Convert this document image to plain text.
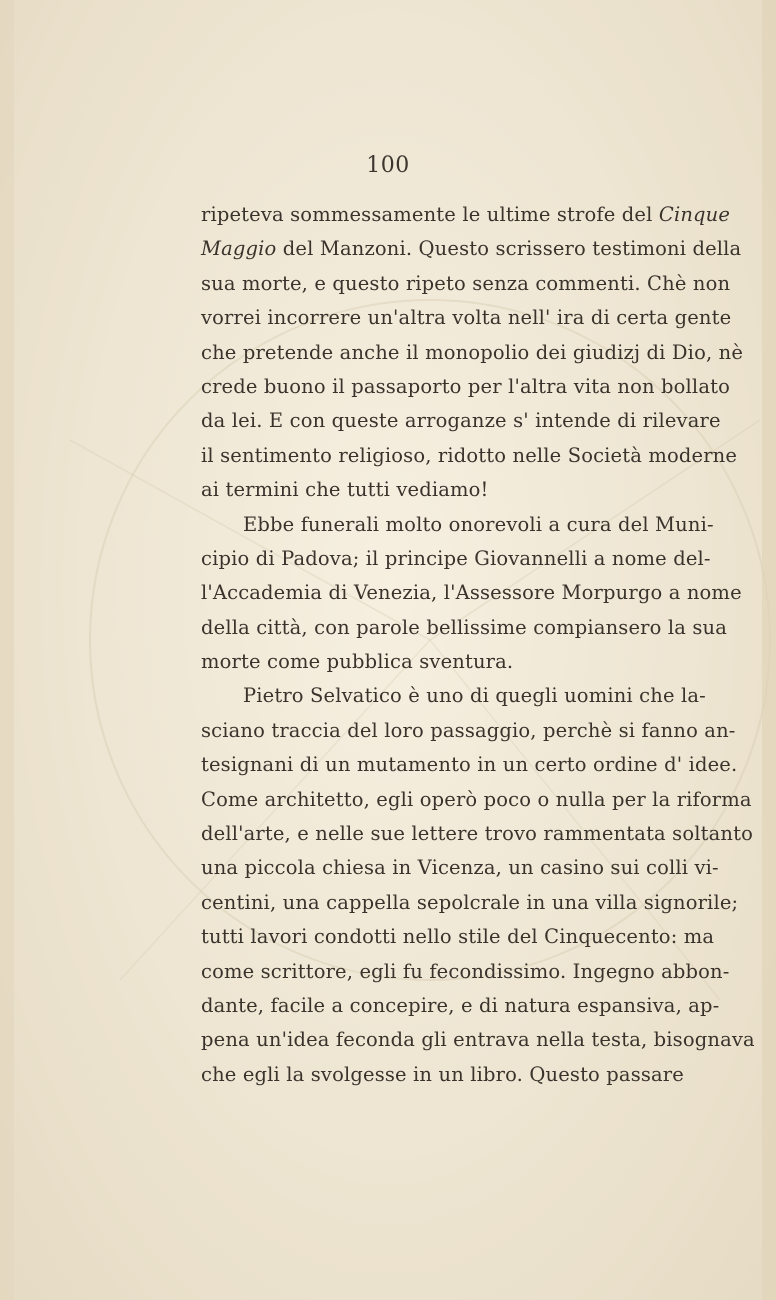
100
ripeteva sommessamente le ultime strofe del Cinque
Maggio del Manzoni. Questo scrissero testimoni della
sua morte, e questo ripeto senza commenti. Chè non
vorrei incorrere un'altra volta nell' ira di certa gente
che pretende anche il monopolio dei giudizj di Dio, nè
crede buono il passaporto per l'altra vita non bollato
da lei. E con queste arroganze s' intende di rilevare
il sentimento religioso, ridotto nelle Società moderne
ai termini che tutti vediamo!
Ebbe funerali molto onorevoli a cura del Muni-
cipio di Padova; il principe Giovannelli a nome del-
l'Accademia di Venezia, l'Assessore Morpurgo a nome
della città, con parole bellissime compiansero la sua
morte come pubblica sventura.
Pietro Selvatico è uno di quegli uomini che la-
sciano traccia del loro passaggio, perchè si fanno an-
tesignani di un mutamento in un certo ordine d' idee.
Come architetto, egli operò poco o nulla per la riforma
dell'arte, e nelle sue lettere trovo rammentata soltanto
una piccola chiesa in Vicenza, un casino sui colli vi-
centini, una cappella sepolcrale in una villa signorile;
tutti lavori condotti nello stile del Cinquecento: ma
come scrittore, egli fu fecondissimo. Ingegno abbon-
dante, facile a concepire, e di natura espansiva, ap-
pena un'idea feconda gli entrava nella testa, bisognava
che egli la svolgesse in un libro. Questo passare
